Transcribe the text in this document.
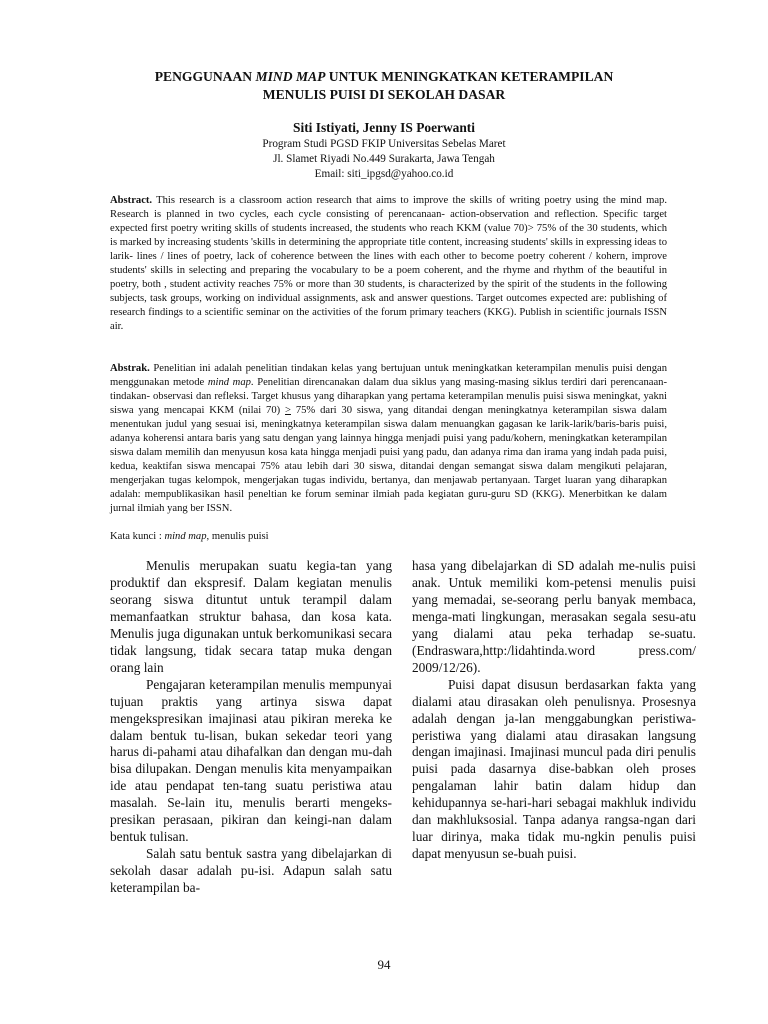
PENGGUNAAN MIND MAP UNTUK MENINGKATKAN KETERAMPILAN
MENULIS PUISI DI SEKOLAH DASAR
Siti Istiyati, Jenny IS Poerwanti
Program Studi PGSD FKIP Universitas Sebelas Maret
Jl. Slamet Riyadi No.449 Surakarta, Jawa Tengah
Email: siti_ipgsd@yahoo.co.id
Abstract. This research is a classroom action research that aims to improve the skills of writing poetry using the mind map. Research is planned in two cycles, each cycle consisting of perencanaan- action-observation and reflection. Specific target expected first poetry writing skills of students increased, the students who reach KKM (value 70)> 75% of the 30 students, which is marked by increasing students 'skills in determining the appropriate title content, increasing students' skills in expressing ideas to larik- lines / lines of poetry, lack of coherence between the lines with each other to become poetry coherent / kohern, improve students' skills in selecting and preparing the vocabulary to be a poem coherent, and the rhyme and rhythm of the beautiful in poetry, both , student activity reaches 75% or more than 30 students, is characterized by the spirit of the students in the following subjects, task groups, working on individual assignments, ask and answer questions. Target outcomes expected are: publishing of research findings to a scientific seminar on the activities of the forum primary teachers (KKG). Publish in scientific journals ISSN air.
Abstrak. Penelitian ini adalah penelitian tindakan kelas yang bertujuan untuk meningkatkan keterampilan menulis puisi dengan menggunakan metode mind map. Penelitian direncanakan dalam dua siklus yang masing-masing siklus terdiri dari perencanaan- tindakan- observasi dan refleksi. Target khusus yang diharapkan yang pertama keterampilan menulis puisi siswa meningkat, yakni siswa yang mencapai KKM (nilai 70) ≥ 75% dari 30 siswa, yang ditandai dengan meningkatnya keterampilan siswa dalam menentukan judul yang sesuai isi, meningkatnya keterampilan siswa dalam menuangkan gagasan ke larik-larik/baris-baris puisi, adanya koherensi antara baris yang satu dengan yang lainnya hingga menjadi puisi yang padu/kohern, meningkatkan keterampilan siswa dalam memilih dan menyusun kosa kata hingga menjadi puisi yang padu, dan adanya rima dan irama yang indah pada puisi, kedua, keaktifan siswa mencapai 75% atau lebih dari 30 siswa, ditandai dengan semangat siswa dalam mengikuti pelajaran, mengerjakan tugas kelompok, mengerjakan tugas individu, bertanya, dan menjawab pertanyaan. Target luaran yang diharapkan adalah: mempublikasikan hasil peneltian ke forum seminar ilmiah pada kegiatan guru-guru SD (KKG). Menerbitkan ke dalam jurnal ilmiah yang ber ISSN.
Kata kunci : mind map, menulis puisi

Menulis merupakan suatu kegia-tan yang produktif dan ekspresif. Dalam kegiatan menulis seorang siswa dituntut untuk terampil dalam memanfaatkan struktur bahasa, dan kosa kata. Menulis juga digunakan untuk berkomunikasi secara tidak langsung, tidak secara tatap muka dengan orang lain

Pengajaran keterampilan menulis mempunyai tujuan praktis yang artinya siswa dapat mengekspresikan imajinasi atau pikiran mereka ke dalam bentuk tu-lisan, bukan sekedar teori yang harus di-pahami atau dihafalkan dan dengan mu-dah bisa dilupakan. Dengan menulis kita menyampaikan ide atau pendapat ten-tang suatu peristiwa atau masalah. Se-lain itu, menulis berarti mengeks-presikan perasaan, pikiran dan keingi-nan dalam bentuk tulisan.

Salah satu bentuk sastra yang dibelajarkan di sekolah dasar adalah pu-isi. Adapun salah satu keterampilan ba-

hasa yang dibelajarkan di SD adalah me-nulis puisi anak. Untuk memiliki kom-petensi menulis puisi yang memadai, se-seorang perlu banyak membaca, menga-mati lingkungan, merasakan segala sesu-atu yang dialami atau peka terhadap se-suatu.(Endraswara,http:/lidahtinda.word press.com/ 2009/12/26).

Puisi dapat disusun berdasarkan fakta yang dialami atau dirasakan oleh penulisnya. Prosesnya adalah dengan ja-lan menggabungkan peristiwa-peristiwa yang dialami atau dirasakan langsung dengan imajinasi. Imajinasi muncul pada diri penulis puisi pada dasarnya dise-babkan oleh proses pengalaman lahir batin dalam hidup dan kehidupannya se-hari-hari sebagai makhluk individu dan makhluksosial. Tanpa adanya rangsa-ngan dari luar dirinya, maka tidak mu-ngkin penulis puisi dapat menyusun se-buah puisi.

94
